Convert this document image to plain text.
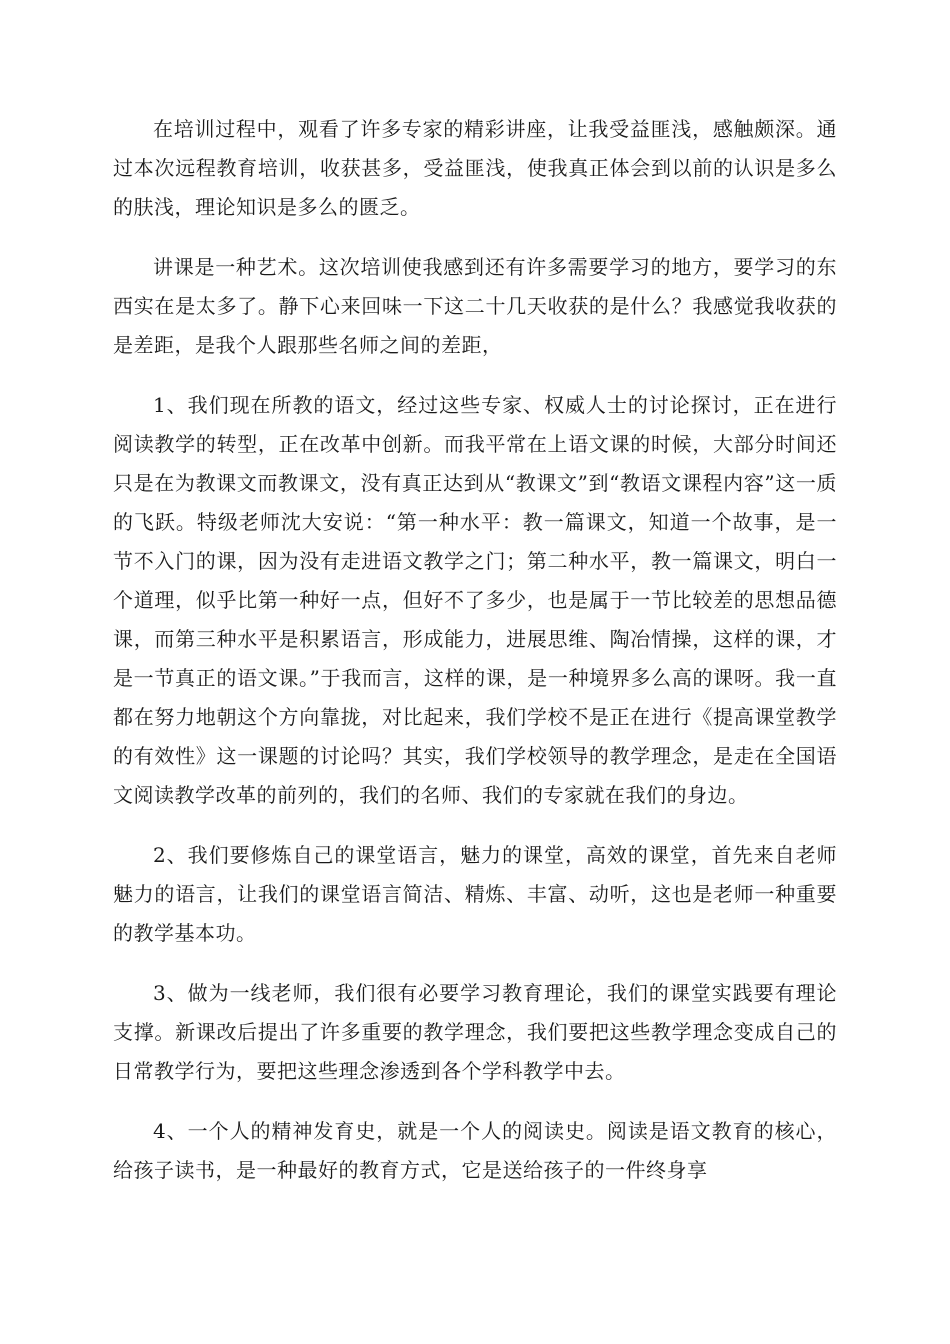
在培训过程中，观看了许多专家的精彩讲座，让我受益匪浅，感触颇深。通过本次远程教育培训，收获甚多，受益匪浅，使我真正体会到以前的认识是多么的肤浅，理论知识是多么的匮乏。

讲课是一种艺术。这次培训使我感到还有许多需要学习的地方，要学习的东西实在是太多了。静下心来回味一下这二十几天收获的是什么？我感觉我收获的是差距，是我个人跟那些名师之间的差距，

1、我们现在所教的语文，经过这些专家、权威人士的讨论探讨，正在进行阅读教学的转型，正在改革中创新。而我平常在上语文课的时候，大部分时间还只是在为教课文而教课文，没有真正达到从“教课文”到“教语文课程内容”这一质的飞跃。特级老师沈大安说：“第一种水平：教一篇课文，知道一个故事，是一节不入门的课，因为没有走进语文教学之门；第二种水平，教一篇课文，明白一个道理，似乎比第一种好一点，但好不了多少，也是属于一节比较差的思想品德课，而第三种水平是积累语言，形成能力，进展思维、陶冶情操，这样的课，才是一节真正的语文课。”于我而言，这样的课，是一种境界多么高的课呀。我一直都在努力地朝这个方向靠拢，对比起来，我们学校不是正在进行《提高课堂教学的有效性》这一课题的讨论吗？其实，我们学校领导的教学理念，是走在全国语文阅读教学改革的前列的，我们的名师、我们的专家就在我们的身边。

2、我们要修炼自己的课堂语言，魅力的课堂，高效的课堂，首先来自老师魅力的语言，让我们的课堂语言简洁、精炼、丰富、动听，这也是老师一种重要的教学基本功。

3、做为一线老师，我们很有必要学习教育理论，我们的课堂实践要有理论支撑。新课改后提出了许多重要的教学理念，我们要把这些教学理念变成自己的日常教学行为，要把这些理念渗透到各个学科教学中去。

4、一个人的精神发育史，就是一个人的阅读史。阅读是语文教育的核心，给孩子读书，是一种最好的教育方式，它是送给孩子的一件终身享
